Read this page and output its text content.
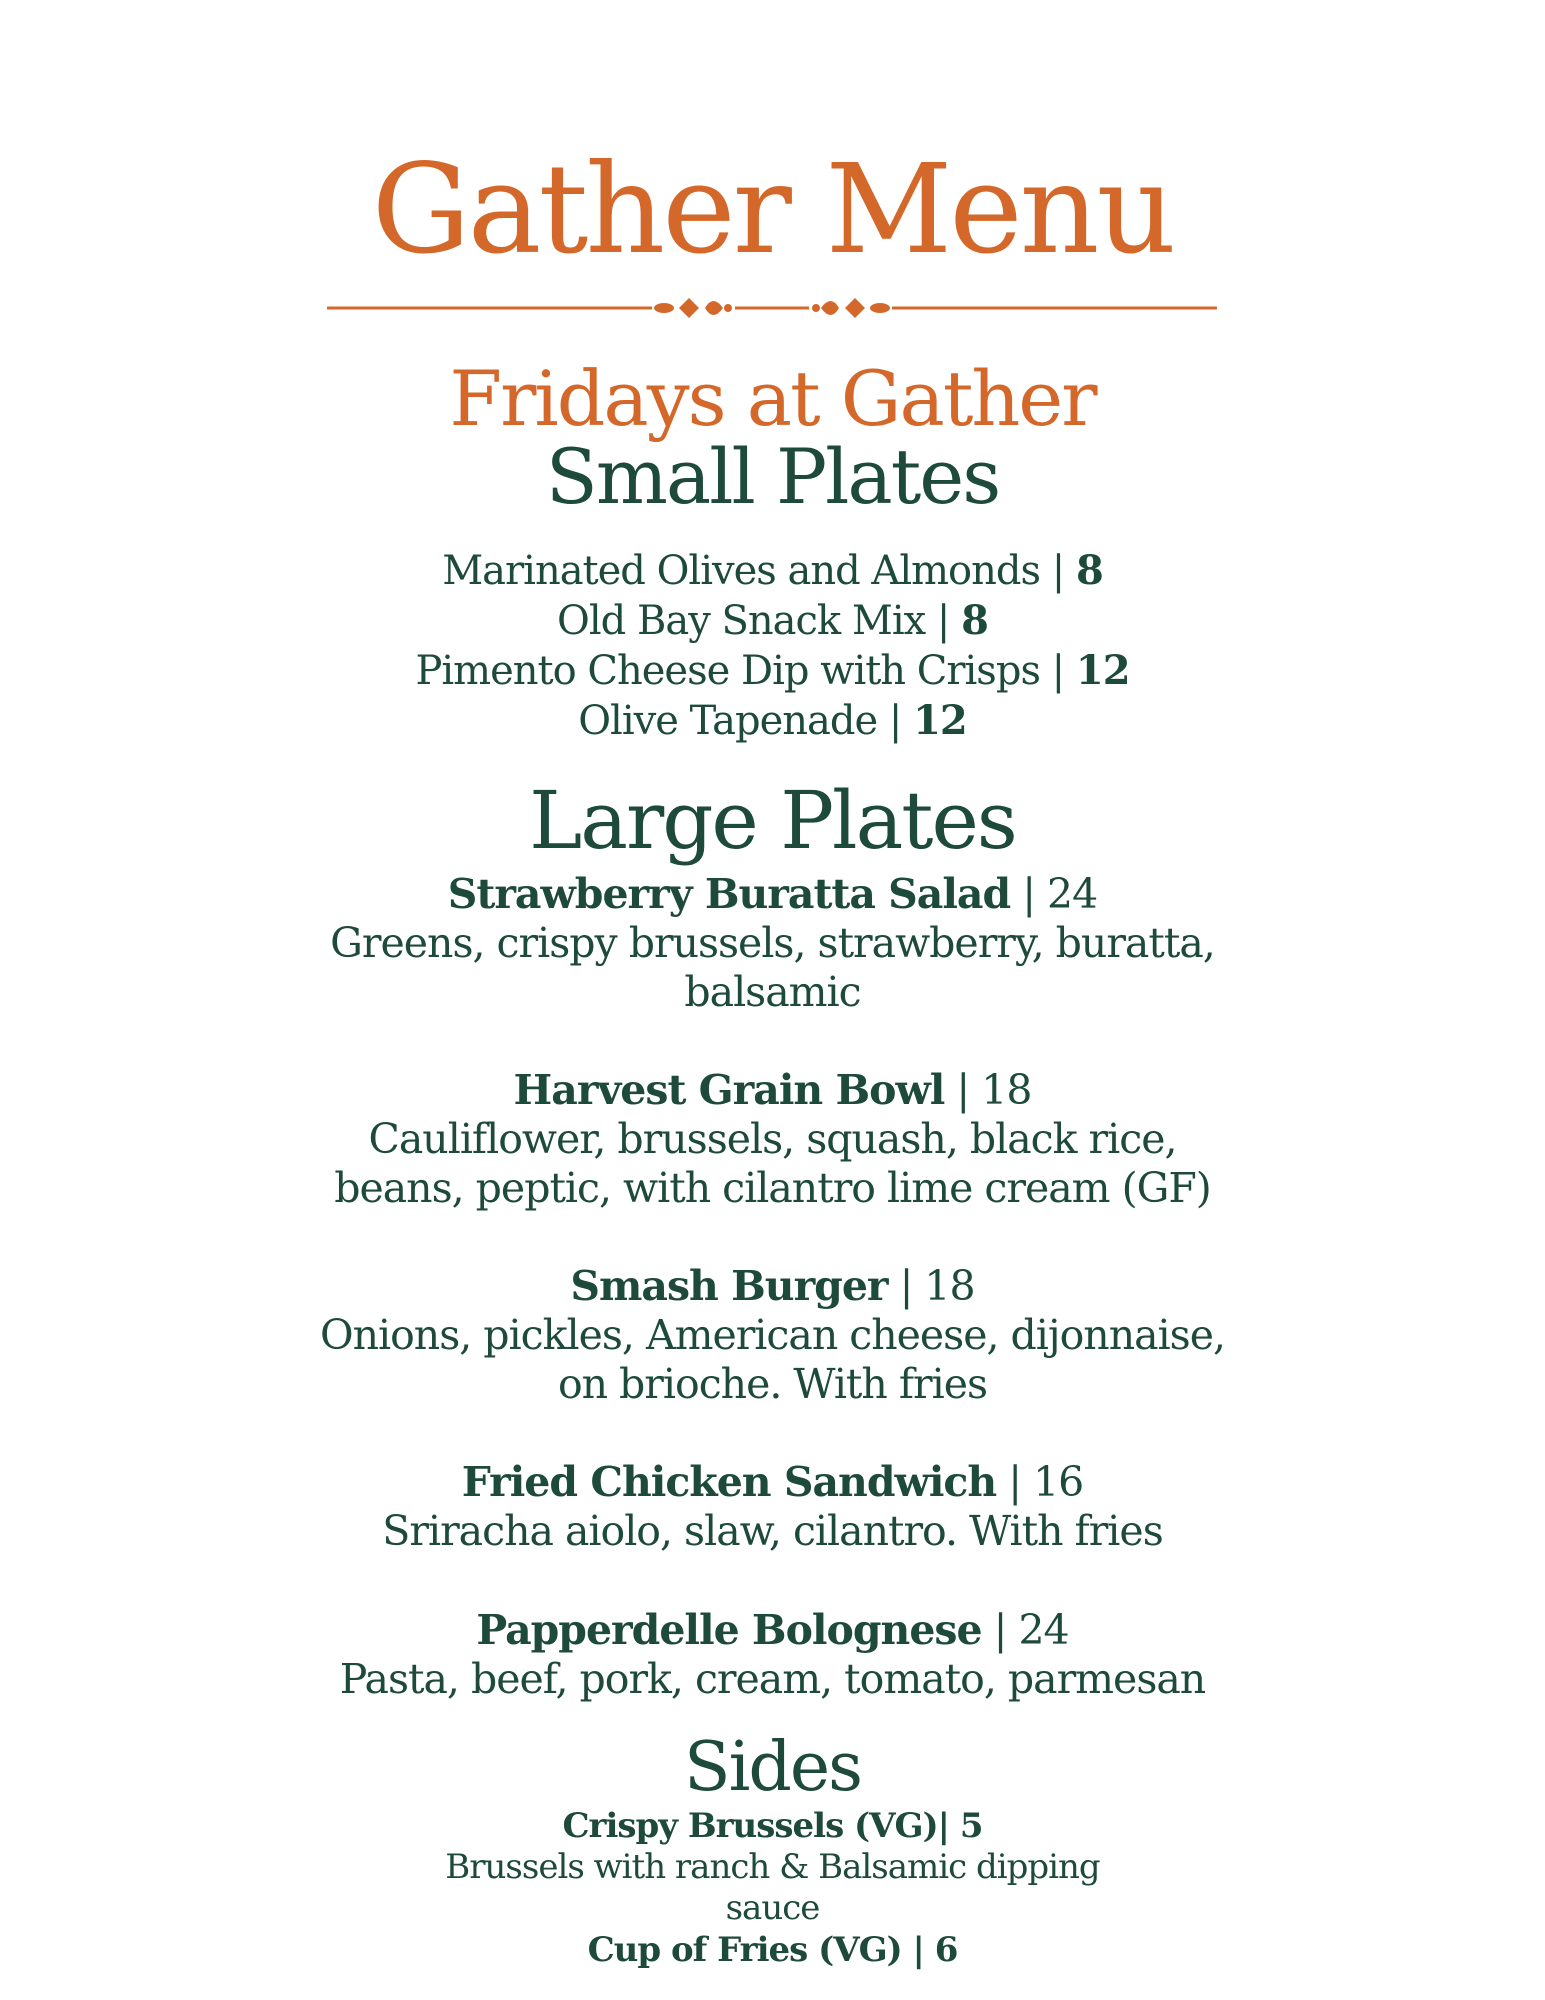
Gather Menu
Fridays at Gather
Small Plates
Marinated Olives and Almonds | 8
Old Bay Snack Mix | 8
Pimento Cheese Dip with Crisps | 12
Olive Tapenade | 12
Large Plates
Strawberry Buratta Salad | 24
Greens, crispy brussels, strawberry, buratta, balsamic
Harvest Grain Bowl | 18
Cauliflower, brussels, squash, black rice, beans, peptic, with cilantro lime cream (GF)
Smash Burger | 18
Onions, pickles, American cheese, dijonnaise, on brioche. With fries
Fried Chicken Sandwich | 16
Sriracha aiolo, slaw, cilantro. With fries
Papperdelle Bolognese | 24
Pasta, beef, pork, cream, tomato, parmesan
Sides
Crispy Brussels (VG)| 5
Brussels with ranch & Balsamic dipping sauce
Cup of Fries (VG) | 6
